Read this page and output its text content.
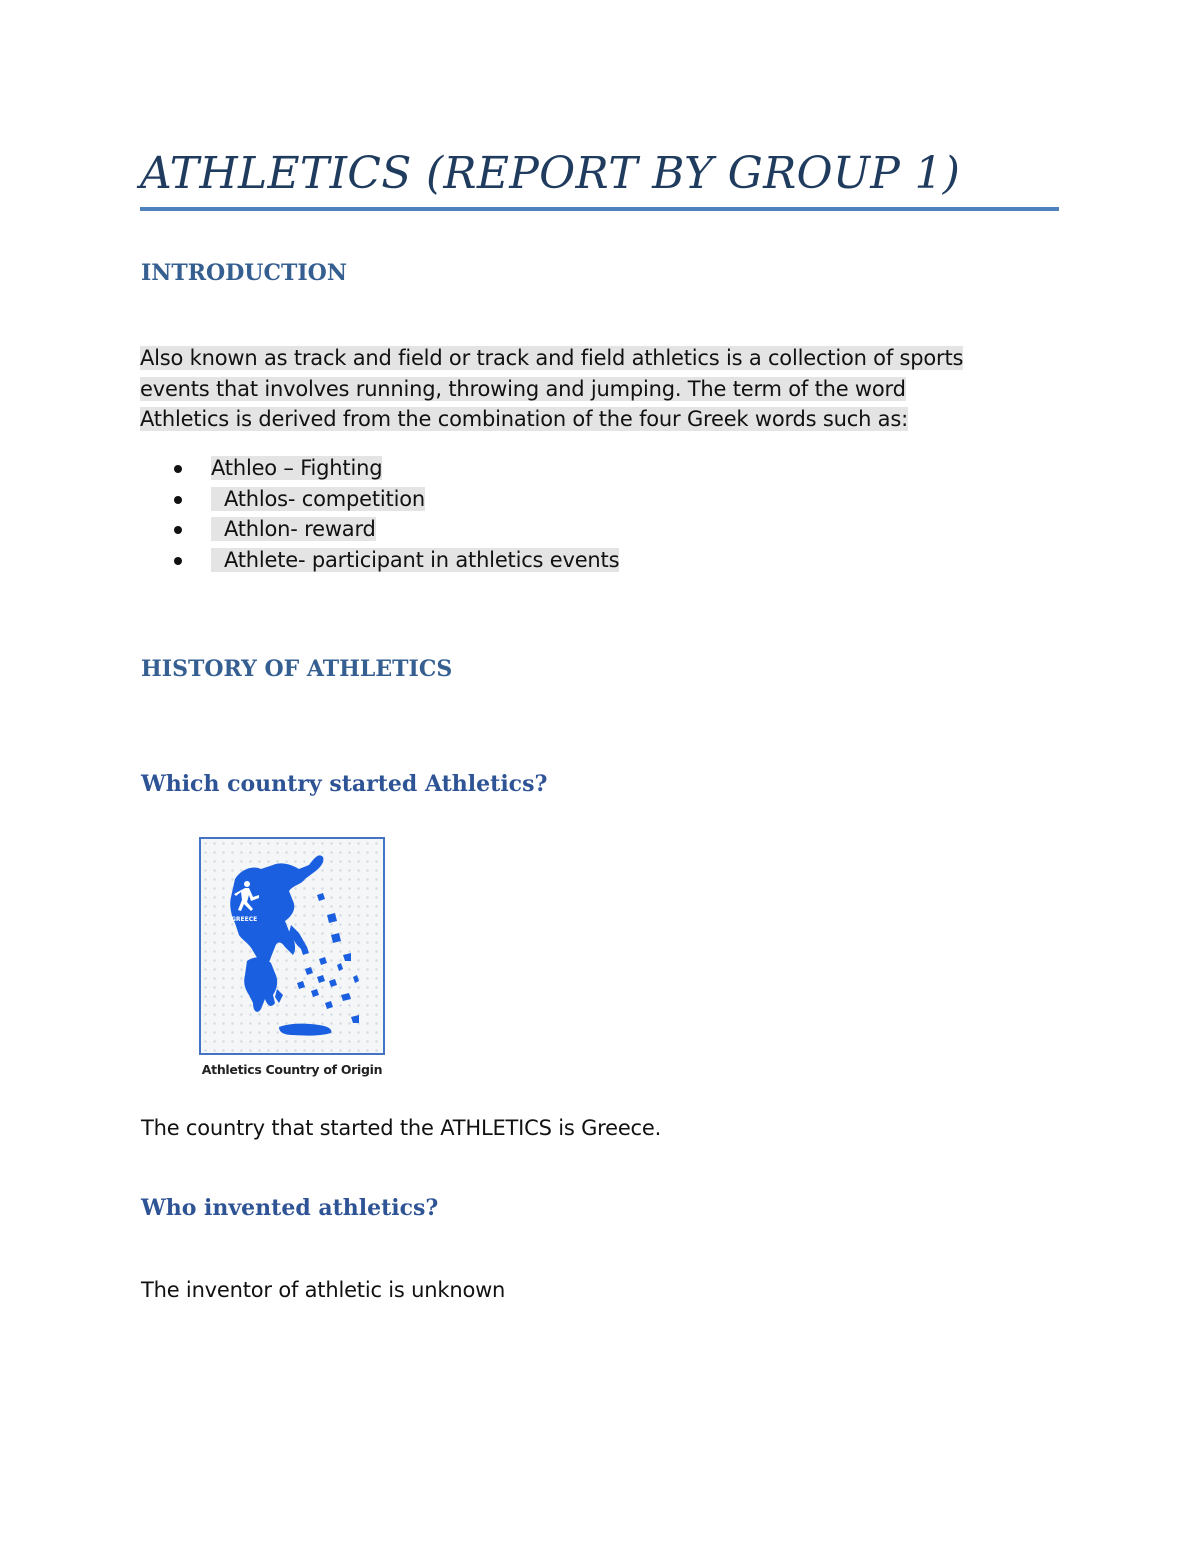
ATHLETICS (REPORT BY GROUP 1)
INTRODUCTION

Also known as track and field or track and field athletics is a collection of sports
events that involves running, throwing and jumping. The term of the word
Athletics is derived from the combination of the four Greek words such as:

Athleo – Fighting
Athlos- competition
Athlon- reward
Athlete- participant in athletics events
HISTORY OF ATHLETICS
Which country started Athletics?
GREECE
Athletics Country of Origin

The country that started the ATHLETICS is Greece.

Who invented athletics?

The inventor of athletic is unknown
